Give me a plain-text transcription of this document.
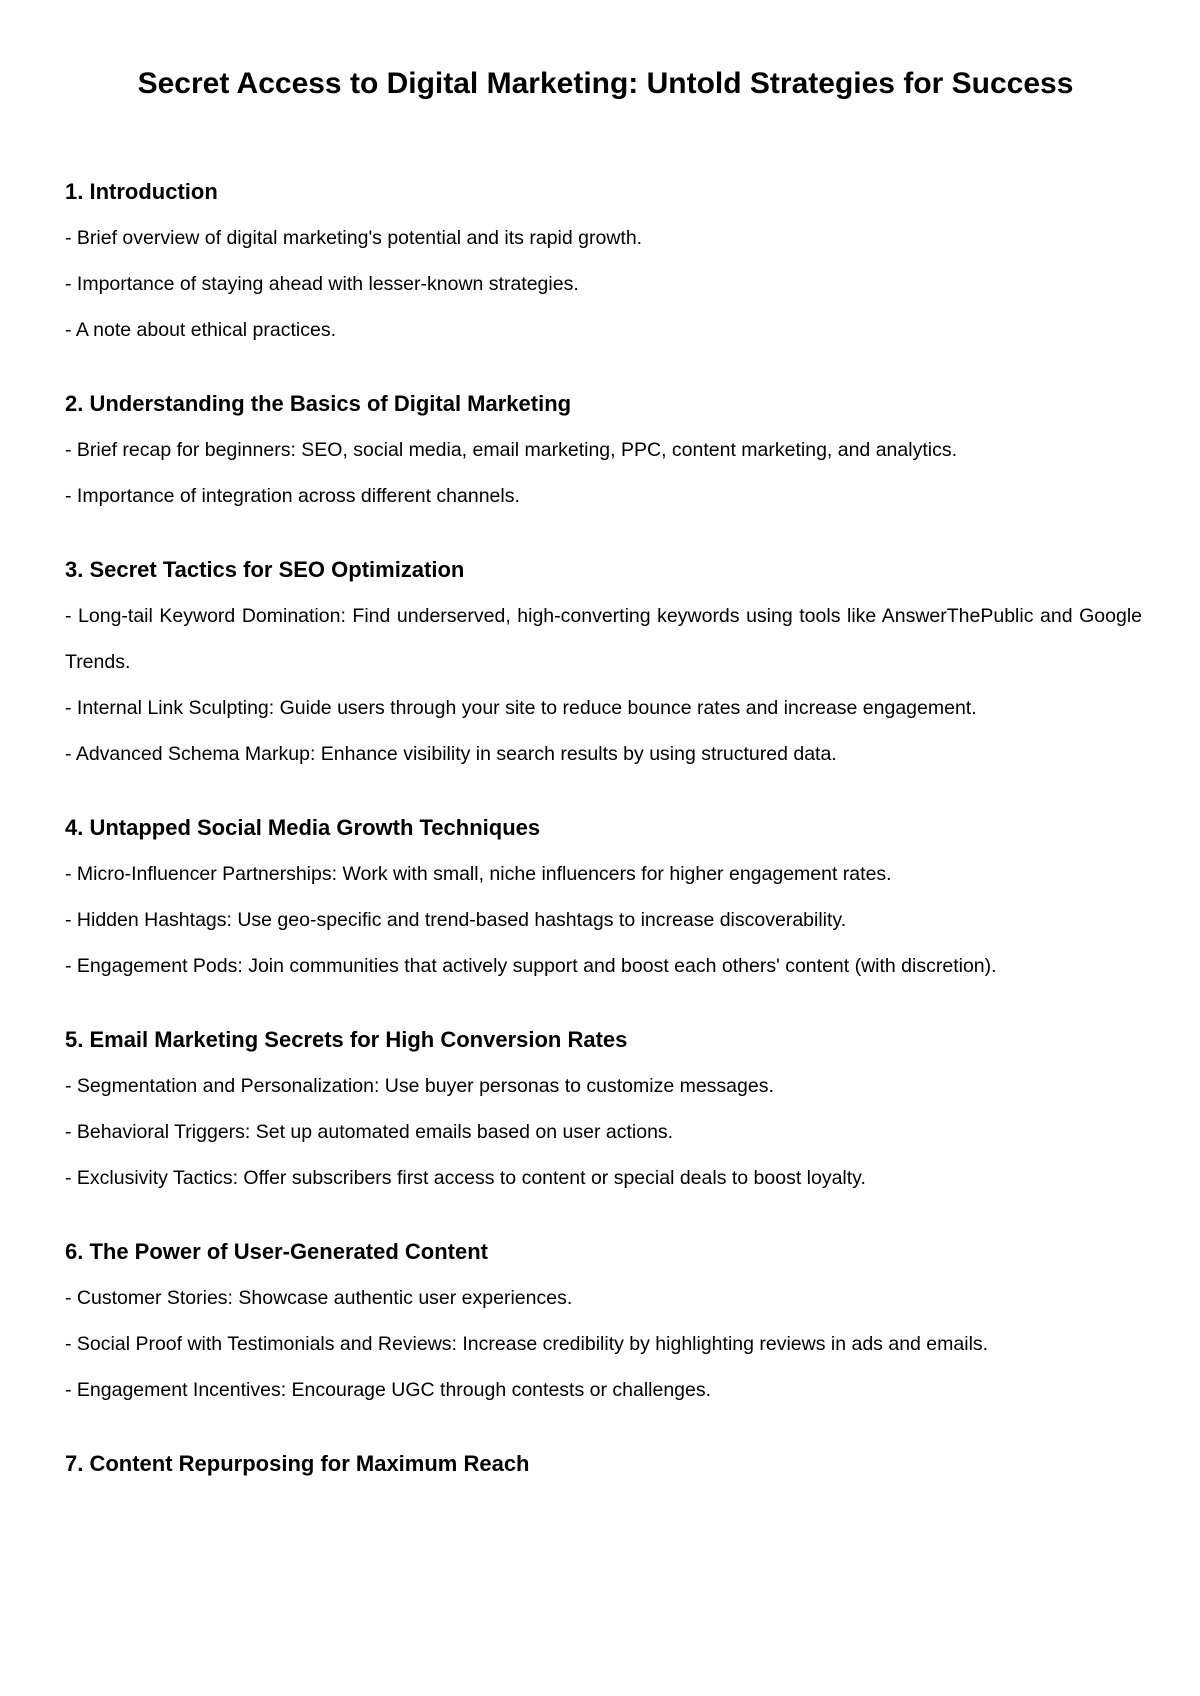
Secret Access to Digital Marketing: Untold Strategies for Success
1. Introduction
- Brief overview of digital marketing's potential and its rapid growth.
- Importance of staying ahead with lesser-known strategies.
- A note about ethical practices.
2. Understanding the Basics of Digital Marketing
- Brief recap for beginners: SEO, social media, email marketing, PPC, content marketing, and analytics.
- Importance of integration across different channels.
3. Secret Tactics for SEO Optimization
- Long-tail Keyword Domination: Find underserved, high-converting keywords using tools like AnswerThePublic and Google Trends.
- Internal Link Sculpting: Guide users through your site to reduce bounce rates and increase engagement.
- Advanced Schema Markup: Enhance visibility in search results by using structured data.
4. Untapped Social Media Growth Techniques
- Micro-Influencer Partnerships: Work with small, niche influencers for higher engagement rates.
- Hidden Hashtags: Use geo-specific and trend-based hashtags to increase discoverability.
- Engagement Pods: Join communities that actively support and boost each others' content (with discretion).
5. Email Marketing Secrets for High Conversion Rates
- Segmentation and Personalization: Use buyer personas to customize messages.
- Behavioral Triggers: Set up automated emails based on user actions.
- Exclusivity Tactics: Offer subscribers first access to content or special deals to boost loyalty.
6. The Power of User-Generated Content
- Customer Stories: Showcase authentic user experiences.
- Social Proof with Testimonials and Reviews: Increase credibility by highlighting reviews in ads and emails.
- Engagement Incentives: Encourage UGC through contests or challenges.
7. Content Repurposing for Maximum Reach
